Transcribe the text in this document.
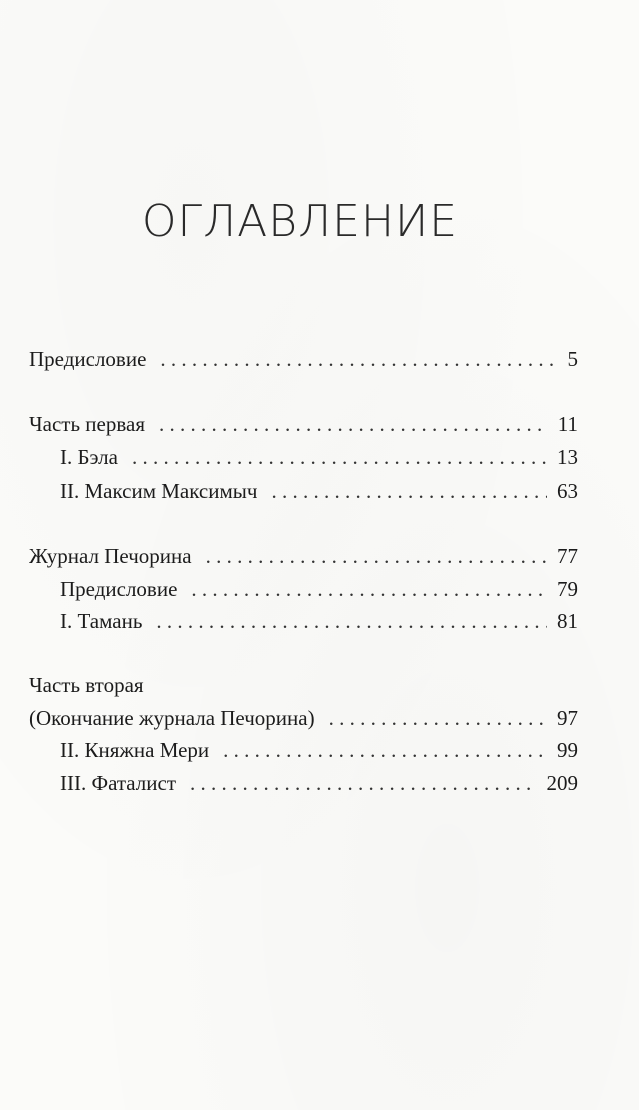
ОГЛАВЛЕНИЕ
Предисловие . . .	5
Часть первая . . .	11
I. Бэла . . .	13
II. Максим Максимыч . . .	63
Журнал Печорина . . .	77
Предисловие . . .	79
I. Тамань . . .	81
Часть вторая
(Окончание журнала Печорина) . . .	97
II. Княжна Мери . . .	99
III. Фаталист . . .	209
